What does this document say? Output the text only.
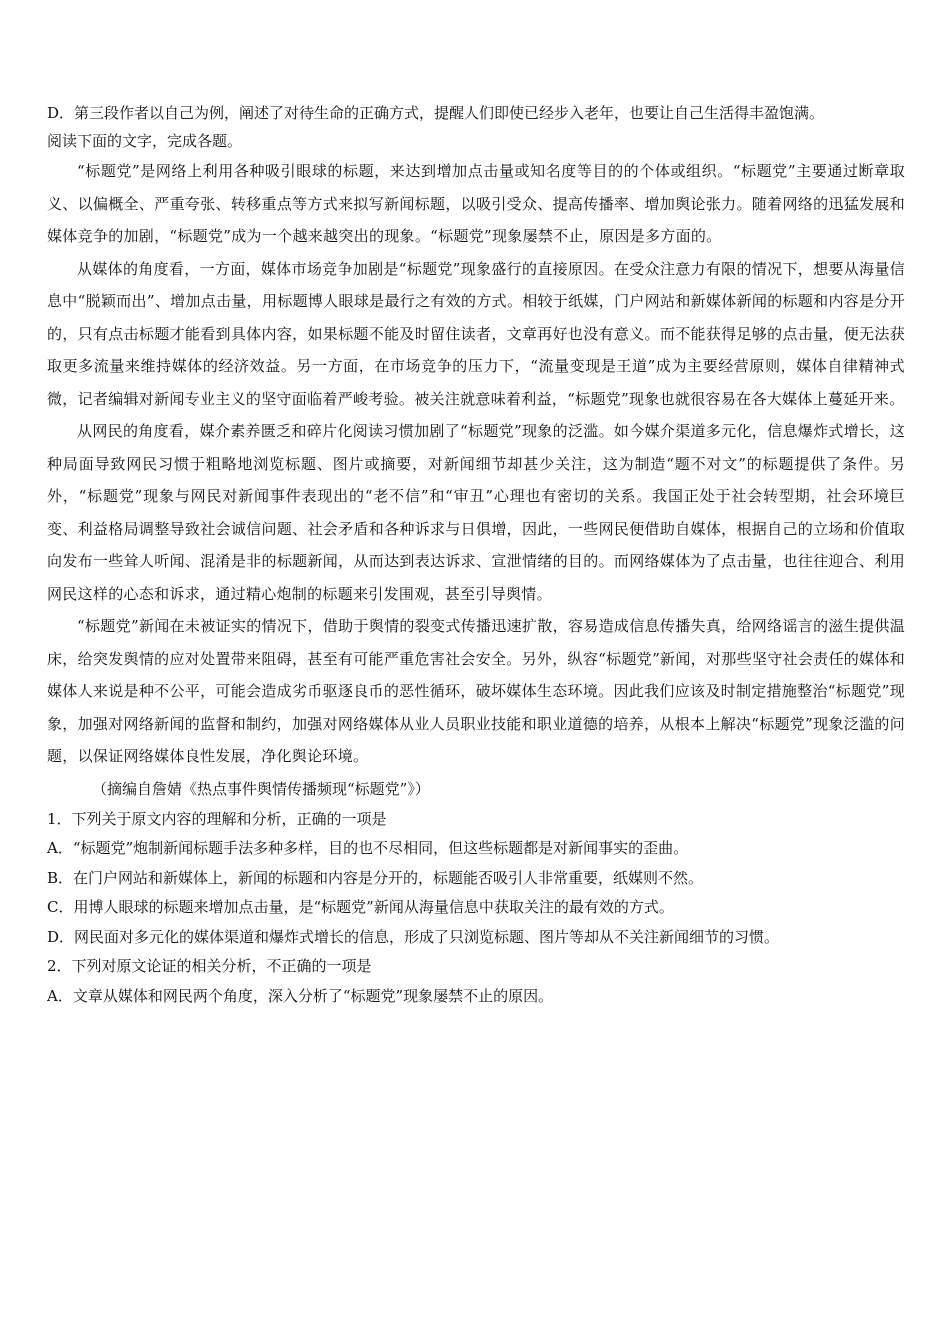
D．第三段作者以自己为例，阐述了对待生命的正确方式，提醒人们即使已经步入老年，也要让自己生活得丰盈饱满。
阅读下面的文字，完成各题。

“标题党”是网络上利用各种吸引眼球的标题，来达到增加点击量或知名度等目的的个体或组织。“标题党”主要通过断章取义、以偏概全、严重夸张、转移重点等方式来拟写新闻标题，以吸引受众、提高传播率、增加舆论张力。随着网络的迅猛发展和媒体竞争的加剧，“标题党”成为一个越来越突出的现象。“标题党”现象屡禁不止，原因是多方面的。

从媒体的角度看，一方面，媒体市场竞争加剧是“标题党”现象盛行的直接原因。在受众注意力有限的情况下，想要从海量信息中“脱颖而出”、增加点击量，用标题博人眼球是最行之有效的方式。相较于纸媒，门户网站和新媒体新闻的标题和内容是分开的，只有点击标题才能看到具体内容，如果标题不能及时留住读者，文章再好也没有意义。而不能获得足够的点击量，便无法获取更多流量来维持媒体的经济效益。另一方面，在市场竞争的压力下，“流量变现是王道”成为主要经营原则，媒体自律精神式微，记者编辑对新闻专业主义的坚守面临着严峻考验。被关注就意味着利益，“标题党”现象也就很容易在各大媒体上蔓延开来。

从网民的角度看，媒介素养匮乏和碎片化阅读习惯加剧了“标题党”现象的泛滥。如今媒介渠道多元化，信息爆炸式增长，这种局面导致网民习惯于粗略地浏览标题、图片或摘要，对新闻细节却甚少关注，这为制造“题不对文”的标题提供了条件。另外，“标题党”现象与网民对新闻事件表现出的“老不信”和“审丑”心理也有密切的关系。我国正处于社会转型期，社会环境巨变、利益格局调整导致社会诚信问题、社会矛盾和各种诉求与日俱增，因此，一些网民便借助自媒体，根据自己的立场和价值取向发布一些耸人听闻、混淆是非的标题新闻，从而达到表达诉求、宣泄情绪的目的。而网络媒体为了点击量，也往往迎合、利用网民这样的心态和诉求，通过精心炮制的标题来引发围观，甚至引导舆情。

“标题党”新闻在未被证实的情况下，借助于舆情的裂变式传播迅速扩散，容易造成信息传播失真，给网络谣言的滋生提供温床，给突发舆情的应对处置带来阻碍，甚至有可能严重危害社会安全。另外，纵容“标题党”新闻，对那些坚守社会责任的媒体和媒体人来说是种不公平，可能会造成劣币驱逐良币的恶性循环，破坏媒体生态环境。因此我们应该及时制定措施整治“标题党”现象，加强对网络新闻的监督和制约，加强对网络媒体从业人员职业技能和职业道德的培养，从根本上解决“标题党”现象泛滥的问题，以保证网络媒体良性发展，净化舆论环境。

（摘编自詹婧《热点事件舆情传播频现“标题党”》）

1．下列关于原文内容的理解和分析，正确的一项是

A．“标题党”炮制新闻标题手法多种多样，目的也不尽相同，但这些标题都是对新闻事实的歪曲。

B．在门户网站和新媒体上，新闻的标题和内容是分开的，标题能否吸引人非常重要，纸媒则不然。

C．用博人眼球的标题来增加点击量，是“标题党”新闻从海量信息中获取关注的最有效的方式。

D．网民面对多元化的媒体渠道和爆炸式增长的信息，形成了只浏览标题、图片等却从不关注新闻细节的习惯。

2．下列对原文论证的相关分析，不正确的一项是

A．文章从媒体和网民两个角度，深入分析了“标题党”现象屡禁不止的原因。
